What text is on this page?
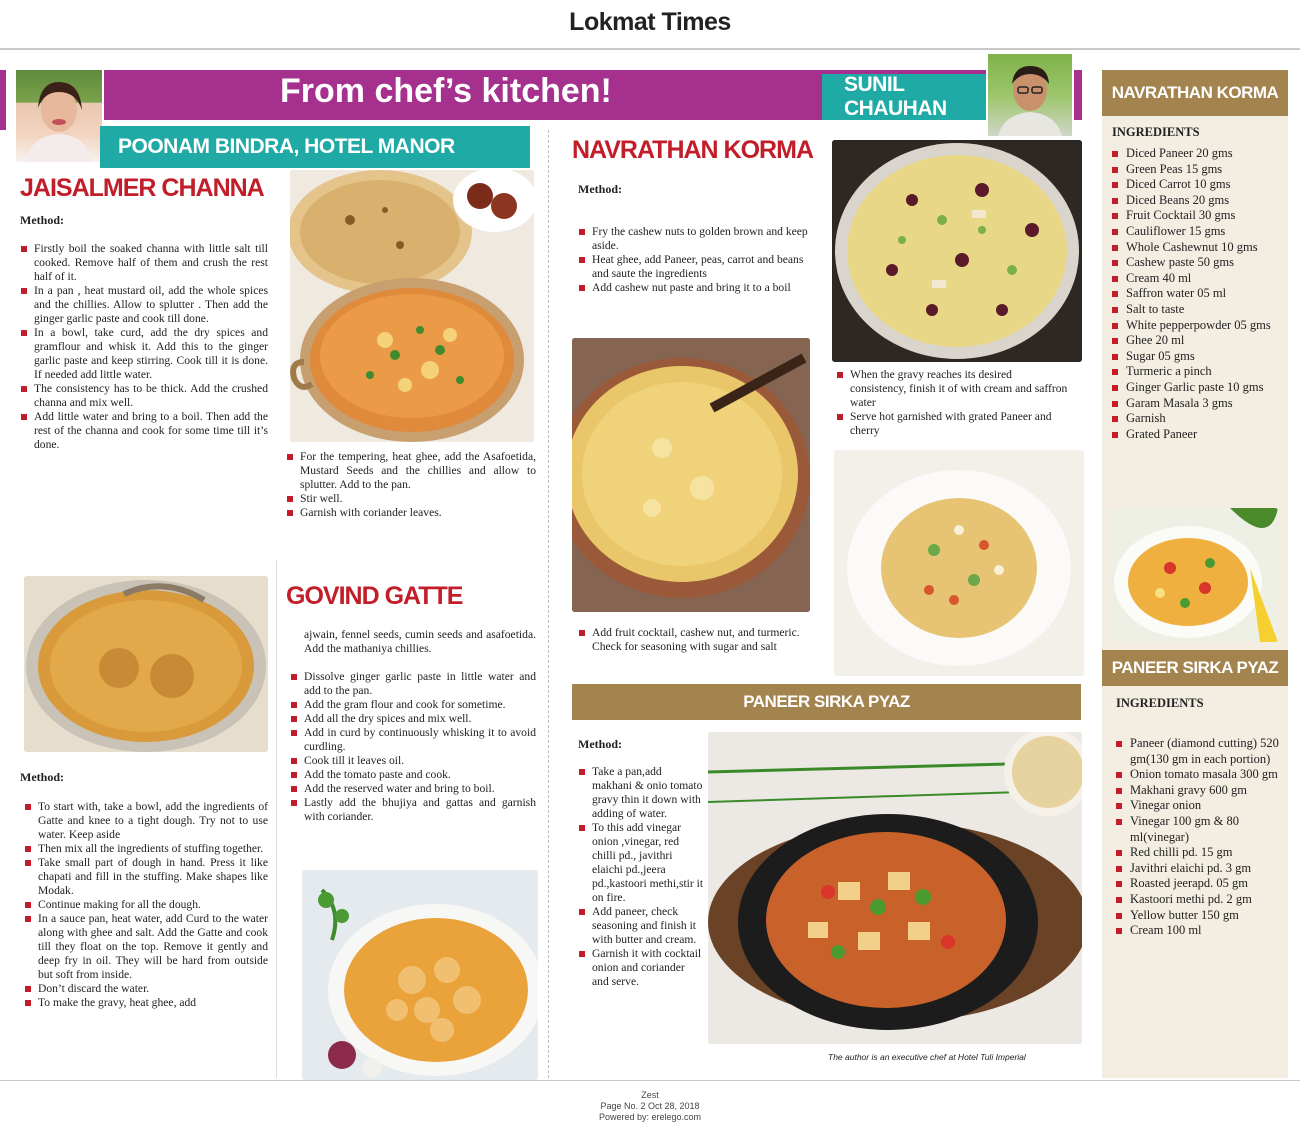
Lokmat Times
From chef’s kitchen!
POONAM BINDRA, HOTEL MANOR
SUNIL CHAUHAN
JAISALMER CHANNA
Method:
Firstly boil the soaked channa with little salt till cooked. Remove half of them and crush the rest half of it.
In a pan , heat mustard oil, add the whole spices and the chillies. Allow to splutter . Then add the ginger garlic paste and cook till done.
In a bowl, take curd, add the dry spices and gramflour and whisk it. Add this to the ginger garlic paste and keep stirring. Cook till it is done. If needed add little water.
The consistency has to be thick. Add the crushed channa and mix well.
Add little water and bring to a boil. Then add the rest of the channa and cook for some time till it’s done.
For the tempering, heat ghee, add the Asafoetida, Mustard Seeds and the chillies and allow to splutter. Add to the pan.
Stir well.
Garnish with coriander leaves.
GOVIND GATTE
ajwain, fennel seeds, cumin seeds and asafoetida. Add the mathaniya chillies.
Dissolve ginger garlic paste in little water and add to the pan.
Add the gram flour and cook for sometime.
Add all the dry spices and mix well.
Add in curd by continuously whisking it to avoid curdling.
Cook till it leaves oil.
Add the tomato paste and cook.
Add the reserved water and bring to boil.
Lastly add the bhujiya and gattas and garnish with coriander.
Method:
To start with, take a bowl, add the ingredients of Gatte and knee to a tight dough. Try not to use water. Keep aside
Then mix all the ingredients of stuffing together.
Take small part of dough in hand. Press it like chapati and fill in the stuffing. Make shapes like Modak.
Continue making for all the dough.
In a sauce pan, heat water, add Curd to the water along with ghee and salt. Add the Gatte and cook till they float on the top. Remove it gently and deep fry in oil. They will be hard from outside but soft from inside.
Don’t discard the water.
To make the gravy, heat ghee, add
NAVRATHAN KORMA
Method:
Fry the cashew nuts to golden brown and keep aside.
Heat ghee, add Paneer, peas, carrot and beans and saute the ingredients
Add cashew nut paste and bring it to a boil
Add fruit cocktail, cashew nut, and turmeric. Check for seasoning with sugar and salt
When the gravy reaches its desired consistency, finish it of with cream and saffron water
Serve hot garnished with grated Paneer and cherry
PANEER SIRKA PYAZ
Method:
Take a pan,add makhani & onio tomato gravy thin it down with adding of water.
To this add vinegar onion ,vinegar, red chilli pd., javithri elaichi pd.,jeera pd.,kastoori methi,stir it on fire.
Add paneer, check seasoning and finish it with butter and cream.
Garnish it with cocktail onion and coriander and serve.
The author is an executive chef at Hotel Tuli Imperial
NAVRATHAN KORMA
INGREDIENTS
Diced Paneer 20 gms
Green Peas 15 gms
Diced Carrot 10 gms
Diced Beans 20 gms
Fruit Cocktail 30 gms
Cauliflower 15 gms
Whole Cashewnut 10 gms
Cashew paste 50 gms
Cream 40 ml
Saffron water 05 ml
Salt to taste
White pepperpowder 05 gms
Ghee 20 ml
Sugar 05 gms
Turmeric a pinch
Ginger Garlic paste 10 gms
Garam Masala 3 gms
Garnish
Grated Paneer
PANEER SIRKA PYAZ
INGREDIENTS
Paneer (diamond cutting) 520 gm(130 gm in each portion)
Onion tomato masala 300 gm
Makhani gravy 600 gm
Vinegar onion
Vinegar 100 gm & 80 ml(vinegar)
Red chilli pd. 15 gm
Javithri elaichi pd. 3 gm
Roasted jeerapd. 05 gm
Kastoori methi pd. 2 gm
Yellow butter 150 gm
Cream 100 ml
Zest
Page No. 2 Oct 28, 2018
Powered by: erelego.com
